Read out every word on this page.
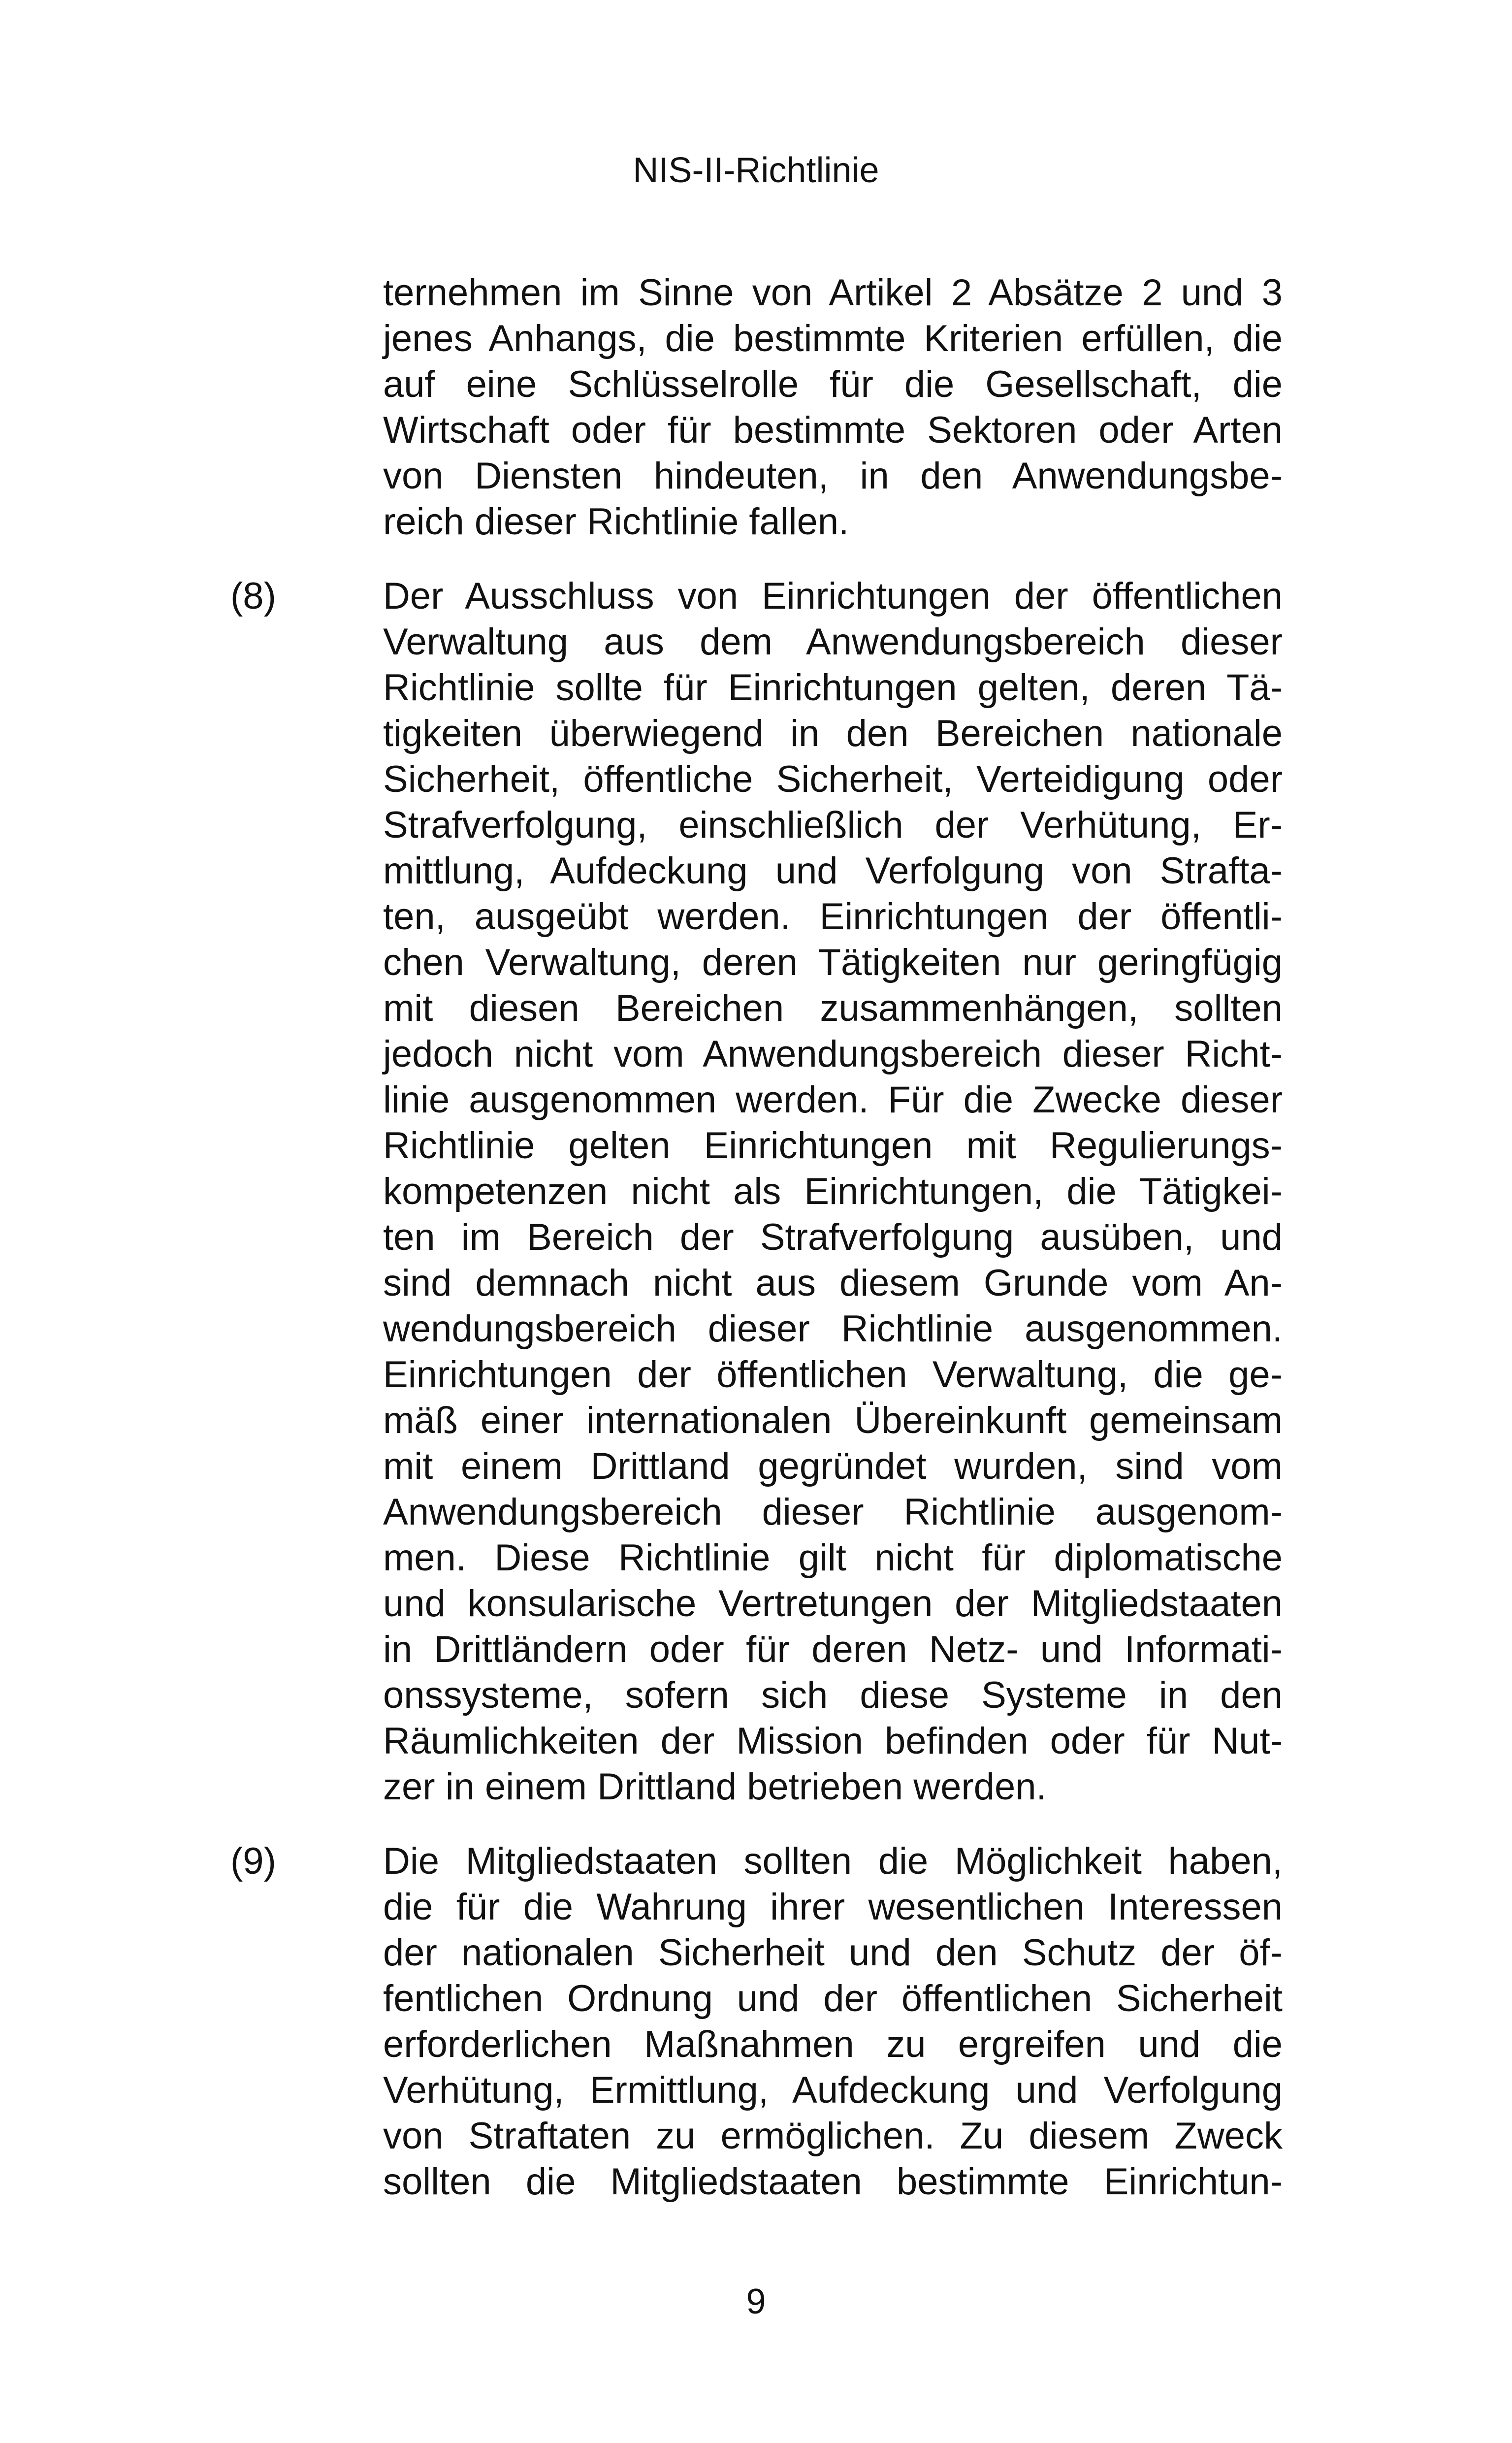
NIS-II-Richtlinie
ternehmen im Sinne von Artikel 2 Absätze 2 und 3
jenes Anhangs, die bestimmte Kriterien erfüllen, die
auf eine Schlüsselrolle für die Gesellschaft, die
Wirtschaft oder für bestimmte Sektoren oder Arten
von Diensten hindeuten, in den Anwendungsbe-
reich dieser Richtlinie fallen.
(8)	Der Ausschluss von Einrichtungen der öffentlichen
Verwaltung aus dem Anwendungsbereich dieser
Richtlinie sollte für Einrichtungen gelten, deren Tä-
tigkeiten überwiegend in den Bereichen nationale
Sicherheit, öffentliche Sicherheit, Verteidigung oder
Strafverfolgung, einschließlich der Verhütung, Er-
mittlung, Aufdeckung und Verfolgung von Strafta-
ten, ausgeübt werden. Einrichtungen der öffentli-
chen Verwaltung, deren Tätigkeiten nur geringfügig
mit diesen Bereichen zusammenhängen, sollten
jedoch nicht vom Anwendungsbereich dieser Richt-
linie ausgenommen werden. Für die Zwecke dieser
Richtlinie gelten Einrichtungen mit Regulierungs-
kompetenzen nicht als Einrichtungen, die Tätigkei-
ten im Bereich der Strafverfolgung ausüben, und
sind demnach nicht aus diesem Grunde vom An-
wendungsbereich dieser Richtlinie ausgenommen.
Einrichtungen der öffentlichen Verwaltung, die ge-
mäß einer internationalen Übereinkunft gemeinsam
mit einem Drittland gegründet wurden, sind vom
Anwendungsbereich dieser Richtlinie ausgenom-
men. Diese Richtlinie gilt nicht für diplomatische
und konsularische Vertretungen der Mitgliedstaaten
in Drittländern oder für deren Netz- und Informati-
onssysteme, sofern sich diese Systeme in den
Räumlichkeiten der Mission befinden oder für Nut-
zer in einem Drittland betrieben werden.
(9)	Die Mitgliedstaaten sollten die Möglichkeit haben,
die für die Wahrung ihrer wesentlichen Interessen
der nationalen Sicherheit und den Schutz der öf-
fentlichen Ordnung und der öffentlichen Sicherheit
erforderlichen Maßnahmen zu ergreifen und die
Verhütung, Ermittlung, Aufdeckung und Verfolgung
von Straftaten zu ermöglichen. Zu diesem Zweck
sollten die Mitgliedstaaten bestimmte Einrichtun-
9
